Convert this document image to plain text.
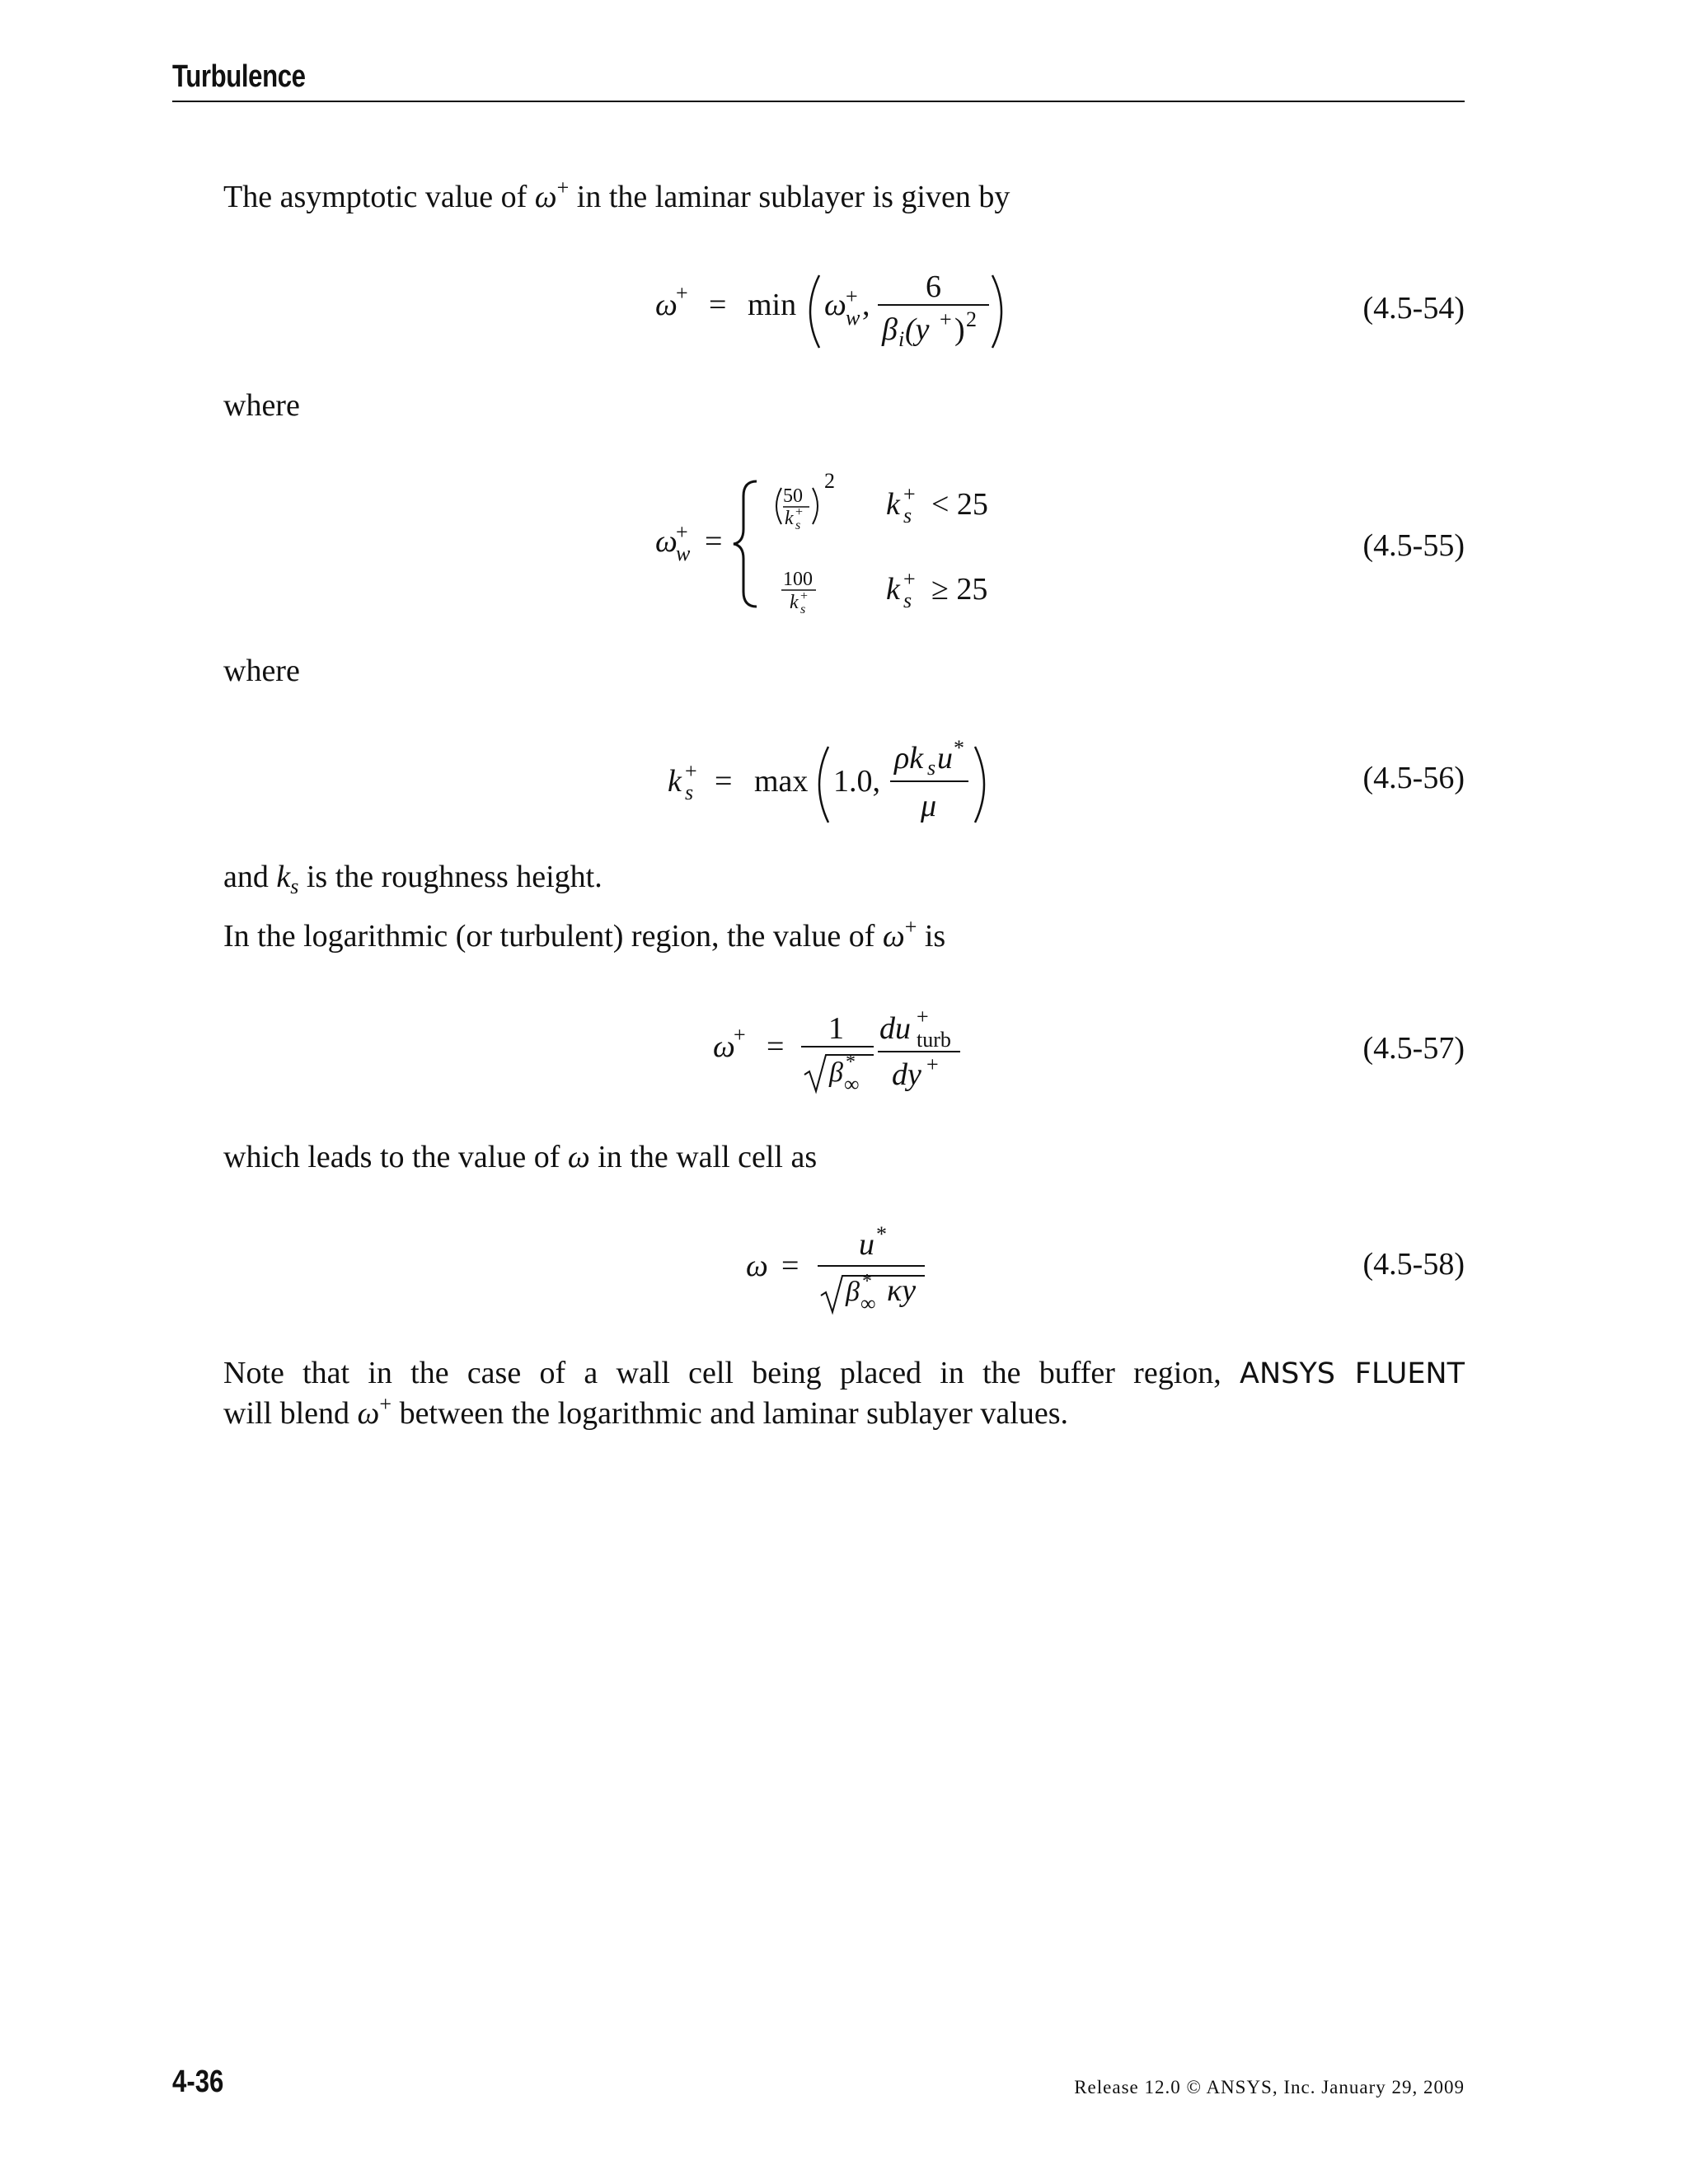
Turbulence
The asymptotic value of ω+ in the laminar sublayer is given by
ω
+ = min ω +
w ,
6
β i (y + ) 2	(4.5-54)
where
ω
+
w =
50
k +
s
2
k +
s < 25
100
k +
s
k +
s ≥ 25
(4.5-55)
where
k +
s = max 1.0,
ρk s u *
μ
(4.5-56)
and $k_s$ is the roughness height.
In the logarithmic (or turbulent) region, the value of ω+ is
ω
+ =
1
β *
∞
du +
turb
dy +	(4.5-57)
which leads to the value of ω in the wall cell as
ω =
u *
β *
∞ κy
(4.5-58)
Note that in the case of a wall cell being placed in the buffer region, ANSYS FLUENT
will blend ω+ between the logarithmic and laminar sublayer values.
4-36	Release 12.0 © ANSYS, Inc. January 29, 2009
